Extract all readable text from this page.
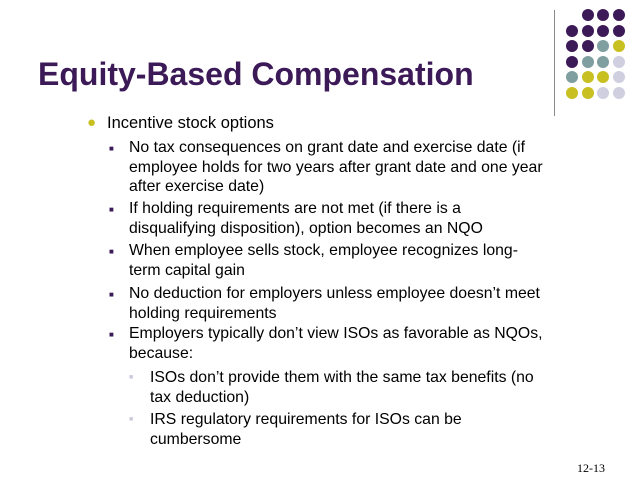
Equity-Based Compensation
● Incentive stock options
■ No tax consequences on grant date and exercise date (if
employee holds for two years after grant date and one year
after exercise date)
■ If holding requirements are not met (if there is a
disqualifying disposition), option becomes an NQO
■ When employee sells stock, employee recognizes long-
term capital gain
■ No deduction for employers unless employee doesn’t meet
holding requirements
■ Employers typically don’t view ISOs as favorable as NQOs,
because:
■ ISOs don’t provide them with the same tax benefits (no
tax deduction)
■ IRS regulatory requirements for ISOs can be
cumbersome
12-13
